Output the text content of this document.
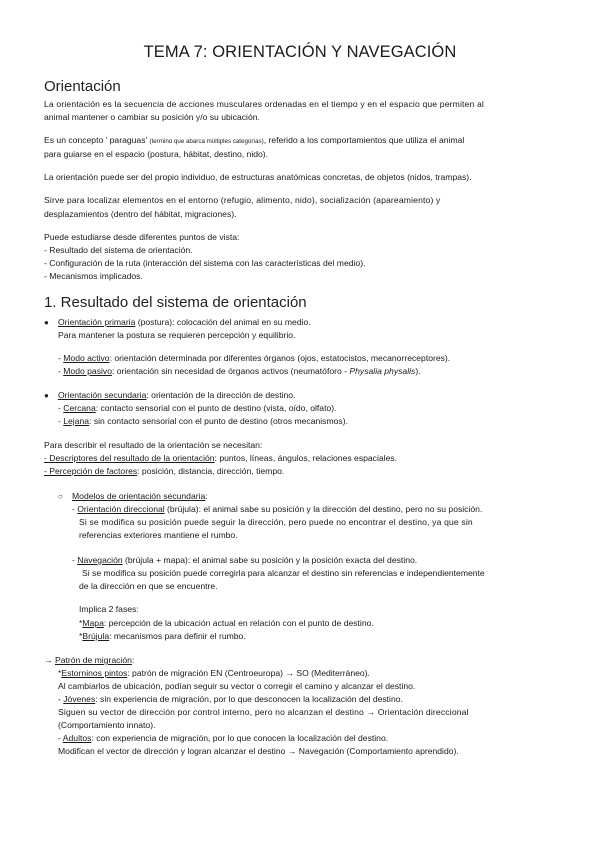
TEMA 7: ORIENTACIÓN Y NAVEGACIÓN
Orientación
La orientación es la secuencia de acciones musculares ordenadas en el tiempo y en el espacio que permiten al
animal mantener o cambiar su posición y/o su ubicación.
Es un concepto ' paraguas' (termino que abarca múltiples categorías), referido a los comportamientos que utiliza el animal
para guiarse en el espacio (postura, hábitat, destino, nido).
La orientación puede ser del propio individuo, de estructuras anatómicas concretas, de objetos (nidos, trampas).
Sirve para localizar elementos en el entorno (refugio, alimento, nido), socialización (apareamiento) y
desplazamientos (dentro del hábitat, migraciones).
Puede estudiarse desde diferentes puntos de vista:
- Resultado del sistema de orientación.
- Configuración de la ruta (interacción del sistema con las características del medio).
- Mecanismos implicados.
1. Resultado del sistema de orientación
● Orientación primaria (postura): colocación del animal en su medio.
Para mantener la postura se requieren percepción y equilibrio.
- Modo activo: orientación determinada por diferentes órganos (ojos, estatocistos, mecanorreceptores).
- Modo pasivo: orientación sin necesidad de órganos activos (neumatóforo - Physalia physalis).
● Orientación secundaria: orientación de la dirección de destino.
- Cercana: contacto sensorial con el punto de destino (vista, oído, olfato).
- Lejana: sin contacto sensorial con el punto de destino (otros mecanismos).
Para describir el resultado de la orientación se necesitan:
- Descriptores del resultado de la orientación: puntos, líneas, ángulos, relaciones espaciales.
- Percepción de factores: posición, distancia, dirección, tiempo.
○ Modelos de orientación secundaria:
- Orientación direccional (brújula): el animal sabe su posición y la dirección del destino, pero no su posición.
Si se modifica su posición puede seguir la dirección, pero puede no encontrar el destino, ya que sin
referencias exteriores mantiene el rumbo.
- Navegación (brújula + mapa): el animal sabe su posición y la posición exacta del destino.
Si se modifica su posición puede corregirla para alcanzar el destino sin referencias e independientemente
de la dirección en que se encuentre.
Implica 2 fases:
*Mapa: percepción de la ubicación actual en relación con el punto de destino.
*Brújula: mecanismos para definir el rumbo.
→ Patrón de migración:
*Estorninos pintos: patrón de migración EN (Centroeuropa) → SO (Mediterráneo).
Al cambiarlos de ubicación, podían seguir su vector o corregir el camino y alcanzar el destino.
- Jóvenes: sin experiencia de migración, por lo que desconocen la localización del destino.
Siguen su vector de dirección por control interno, pero no alcanzan el destino → Orientación direccional
(Comportamiento innato).
- Adultos: con experiencia de migración, por lo que conocen la localización del destino.
Modifican el vector de dirección y logran alcanzar el destino → Navegación (Comportamiento aprendido).
